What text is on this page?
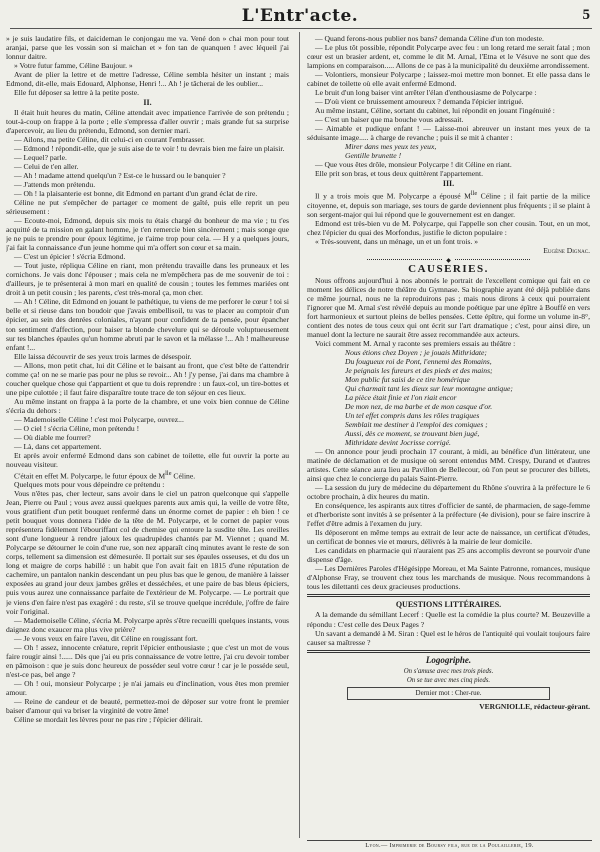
L'Entr'acte.	5

» je suis laudatire fils, et daicideman le conjongau me va. Vené don » chai mon pour tout aranjai, parse que les vossin son si maichan et » fon tan de quanquen ! avec léqueil j'ai lonnur daitre.

» Votre futur famme, Céline Baujour. »

Avant de plier la lettre et de mettre l'adresse, Céline sembla hésiter un instant ; mais Edmond, dit-elle, mais Edouard, Alphonse, Henri !... Ah ! je tâcherai de les oublier...

Elle fut déposer sa lettre à la petite poste.

II.

Il était huit heures du matin, Céline attendait avec impatience l'arrivée de son prétendu ; tout-à-coup on frappe à la porte ; elle s'empressa d'aller ouvrir ; mais grande fut sa surprise d'apercevoir, au lieu du prétendu, Edmond, son dernier mari.

— Ailons, ma petite Céline, dit celui-ci en courant l'embrasser.

— Edmond ! répondit-elle, que je suis aise de te voir ! tu devrais bien me faire un plaisir.

— Lequel? parle.

— Celui de t'en aller.

— Ah ! madame attend quelqu'un ? Est-ce le hussard ou le banquier ?

— J'attends mon prétendu.

— Oh ! la plaisanterie est bonne, dit Edmond en partant d'un grand éclat de rire.

Céline ne put s'empêcher de partager ce moment de gaîté, puis elle reprit un peu sérieusement :

— Ecoute-moi, Edmond, depuis six mois tu étais chargé du bonheur de ma vie ; tu t'es acquitté de ta mission en galant homme, je t'en remercie bien sincèrement ; mais songe que je ne puis te prendre pour époux légitime, je t'aime trop pour cela. — H y a quelques jours, j'ai fait la connaissance d'un jeune homme qui m'a offert son cœur et sa main.

— C'est un épicier ! s'écria Edmond.

— Tout juste, répliqua Céline en riant, mon prétendu travaille dans les pruneaux et les cornichons. Je vais donc l'épouser ; mais cela ne m'empêchera pas de me souvenir de toi : d'ailleurs, je te présenterai à mon mari en qualité de cousin ; toutes les femmes mariées ont droit à un petit cousin ; les parents, c'est très-moral ça, mon cher.

— Ah ! Céline, dit Edmond en jouant le pathétique, tu viens de me perforer le cœur ! toi si belle et si rieuse dans ton boudoir que j'avais embellisoil, tu vas te placer au comptoir d'un épicier, au sein des denrées coloniales, n'ayant pour confident de ta pensée, pour épancher ton sentiment d'affection, pour baiser ta blonde chevelure qui se déroule voluptueusement sur tes blanches épaules qu'un homme abruti par le savon et la mélasse !... Ah ! malheureuse enfant !...

Elle laissa découvrir de ses yeux trois larmes de désespoir.

— Allons, mon petit chat, lui dit Céline et le baisant au front, que c'est bête de t'attendrir comme ça! on ne se marie pas pour ne plus se revoir... Ah ! j'y pense, j'ai dans ma chambre à coucher quelque chose qui t'appartient et que tu dois reprendre : un faux-col, un tire-bottes et une pipe culottée ; il faut faire disparaître toute trace de ton séjour en ces lieux.

Au même instant on frappa à la porte de la chambre, et une voix bien connue de Céline s'écria du dehors :

— Mademoiselle Céline ! c'est moi Polycarpe, ouvrez...

— O ciel ! s'écria Céline, mon prétendu !

— Où diable me fourrer?

— Là, dans cet appartement.

Et après avoir enfermé Edmond dans son cabinet de toilette, elle fut ouvrir la porte au nouveau visiteur.

C'était en effet M. Polycarpe, le futur époux de $M^{lle}$ Céline.

Quelques mots pour vous dépeindre ce prétendu :

Vous n'êtes pas, cher lecteur, sans avoir dans le ciel un patron quelconque qui s'appelle Jean, Pierre ou Paul ; vous avez aussi quelques parents aux amis qui, la veille de votre fête, vous gratifient d'un petit bouquet renfermé dans un énorme cornet de papier : eh bien ! ce petit bouquet vous donnera l'idée de la tête de M. Polycarpe, et le cornet de papier vous représentera fidèlement l'ébouriffant col de chemise qui entoure la susdite tête. Les oreilles sont d'une longueur à rendre jaloux les quadrupèdes chantés par M. Viennet ; quand M. Polycarpe se détourner le coin d'une rue, son nez apparaît cinq minutes avant le reste de son corps, tellement sa dimension est démesurée. Il portait sur ses épaules osseuses, et du dos un long et maigre de corps habillé : un habit que l'on avait fait en 1815 d'une réputation de cachemire, un pantalon nankin descendant un peu plus bas que le genou, de manière à laisser exposées au grand jour deux jambes grêles et desséchées, et une paire de bas bleus épiciers, puis vous aurez une connaissance parfaite de l'extérieur de M. Polycarpe. — Le portrait que je viens d'en faire n'est pas exagéré : du reste, s'il se trouve quelque incrédule, j'offre de faire voir l'original.

— Mademoiselle Céline, s'écria M. Polycarpe après s'être recueilli quelques instants, vous daignez donc exaucer ma plus vive prière?

— Je vous veux en faire l'aveu, dit Céline en rougissant fort.

— Oh ! assez, innocente créature, reprit l'épicier enthousiaste ; que c'est un mot de vous faire rougir ainsi !...... Dès que j'ai eu pris connaissance de votre lettre, j'ai cru devoir tomber en pâmoison : que je suis donc heureux de posséder seul votre cœur ! car je le posséde seul, n'est-ce pas, bel ange ?

— Oh ! oui, monsieur Polycarpe ; je n'ai jamais eu d'inclination, vous êtes mon premier amour.

— Reine de candeur et de beauté, permettez-moi de déposer sur votre front le premier baiser d'amour qui va briser la virginité de votre âme!

Céline se mordait les lèvres pour ne pas rire ; l'épicier délirait.

— Quand ferons-nous publier nos bans? demanda Céline d'un ton modeste.

— Le plus tôt possible, répondit Polycarpe avec feu : un long retard me serait fatal ; mon cœur est un brasier ardent, et, comme le dit M. Arnal, l'Etna et le Vésuve ne sont que des lampions en comparaison..... Allons de ce pas à la municipalité du deuxième arrondissement.

— Volontiers, monsieur Polycarpe ; laissez-moi mettre mon bonnet. Et elle passa dans le cabinet de toilette où elle avait enfermé Edmond.

Le bruit d'un long baiser vint arrêter l'élan d'enthousiasme de Polycarpe :

— D'où vient ce bruissement amoureux ? demanda l'épicier intrigué.

Au même instant, Céline, sortant du cabinet, lui répondit en jouant l'ingénuité :

— C'est un baiser que ma bouche vous adressait.

— Aimable et pudique enfant ! — Laisse-moi abreuver un instant mes yeux de ta séduisante image..... à charge de revanche ; puis il se mit à chanter :

Mirer dans mes yeux tes yeux,

Gentille brunette !

— Que vous êtes drôle, monsieur Polycarpe ! dit Céline en riant.

Elle prit son bras, et tous deux quittèrent l'appartement.

III.

Il y a trois mois que M. Polycarpe a épousé $M^{lle}$ Céline ; il fait partie de la milice citoyenne, et, depuis son mariage, ses tours de garde deviennent plus fréquents ; il se plaint à son sergent-major qui lui répond que le gouvernement est en danger.

Edmond est très-bien vu de M. Polycarpe, qui l'appelle son cher cousin. Tout, en un mot, chez l'épicier du quai des Morfondus, justifie le dicton populaire :

« Très-souvent, dans un ménage, un et un font trois. »

Eugène Dignac.

◆

CAUSERIES.

Nous offrons aujourd'hui à nos abonnés le portrait de l'excellent comique qui fait en ce moment les délices de notre théâtre du Gymnase. Sa biographie ayant été déjà publiée dans ce même journal, nous ne la reproduirons pas ; mais nous dirons à ceux qui pourraient l'ignorer que M. Arnal s'est révélé depuis au monde poétique par une épître à Bouffé en vers fort harmonieux et surtout pleins de belles pensées. Cette épître, qui forme un volume in-8°, contient des notes de tous ceux qui ont écrit sur l'art dramatique ; c'est, pour ainsi dire, un manuel dont la lecture ne saurait être assez recommandée aux acteurs.

Voici comment M. Arnal y raconte ses premiers essais au théâtre :

Nous étions chez Doyen ; je jouais Mithridate;

Du fougueux roi de Pont, l'ennemi des Romains,

Je peignais les fureurs et des pieds et des mains;

Mon public fut saisi de ce tire homérique

Qui charmait tant les dieux sur leur montagne antique;

La pièce était finie et l'on riait encor

De mon nez, de ma barbe et de mon casque d'or.

Un tel effet compris dans les rôles tragiques

Semblait me destiner à l'emploi des comiques ;

Aussi, dès ce moment, se trouvant bien jugé,

Mithridate devint Jocrisse corrigé.

— On annonce pour jeudi prochain 17 courant, à midi, au bénéfice d'un littérateur, une matinée de déclamation et de musique où seront entendus MM. Crespy, Durand et d'autres artistes. Cette séance aura lieu au Pavillon de Bellecour, où l'on peut se procurer des billets, ainsi que chez le concierge du palais Saint-Pierre.

— La session du jury de médecine du département du Rhône s'ouvrira à la préfecture le 6 octobre prochain, à dix heures du matin.

En conséquence, les aspirants aux titres d'officier de santé, de pharmacien, de sage-femme et d'herboriste sont invités à se présenter à la préfecture (4e division), pour se faire inscrire à l'effet d'être admis à l'examen du jury.

Ils déposeront en même temps au extrait de leur acte de naissance, un certificat d'études, un certificat de bonnes vie et mœurs, délivrés à la mairie de leur domicile.

Les candidats en pharmacie qui n'auraient pas 25 ans accomplis devront se pourvoir d'une dispense d'âge.

— Les Dernières Paroles d'Hégésippe Moreau, et Ma Sainte Patronne, romances, musique d'Alphonse Fray, se trouvent chez tous les marchands de musique. Nous recommandons à tous les dilettanti ces deux gracieuses productions.

QUESTIONS LITTÉRAIRES.

A la demande du sémillant Lecerf : Quelle est la comédie la plus courte? M. Beuzeville a répondu : C'est celle des Deux Pages ?

Un savant a demandé à M. Siran : Quel est le héros de l'antiquité qui voulait toujours faire causer sa maîtresse ?

Logogriphe.

On s'amuse avec mes trois pieds.

On se tue avec mes cinq pieds.

Dernier mot : Cher-rue.

VERGNIOLLE, rédacteur-gérant.

Lyon.— Imprimerie de Boursy fils, rue de la Poulaillerie, 19.
